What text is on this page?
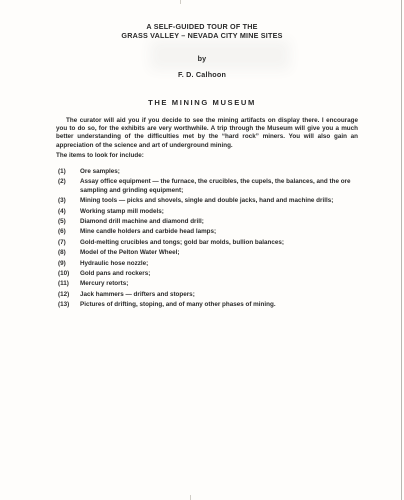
A SELF-GUIDED TOUR OF THE
GRASS VALLEY – NEVADA CITY MINE SITES
by
F. D. Calhoon
THE MINING MUSEUM

The curator will aid you if you decide to see the mining artifacts on display there. I encourage you to do so, for the exhibits are very worthwhile. A trip through the Museum will give you a much better understanding of the difficulties met by the “hard rock” miners. You will also gain an appreciation of the science and art of underground mining.

The items to look for include:
(1)	Ore samples;
(2)	Assay office equipment — the furnace, the crucibles, the cupels, the balances, and the ore sampling and grinding equipment;
(3)	Mining tools — picks and shovels, single and double jacks, hand and machine drills;
(4)	Working stamp mill models;
(5)	Diamond drill machine and diamond drill;
(6)	Mine candle holders and carbide head lamps;
(7)	Gold-melting crucibles and tongs; gold bar molds, bullion balances;
(8)	Model of the Pelton Water Wheel;
(9)	Hydraulic hose nozzle;
(10)	Gold pans and rockers;
(11)	Mercury retorts;
(12)	Jack hammers — drifters and stopers;
(13)	Pictures of drifting, stoping, and of many other phases of mining.
